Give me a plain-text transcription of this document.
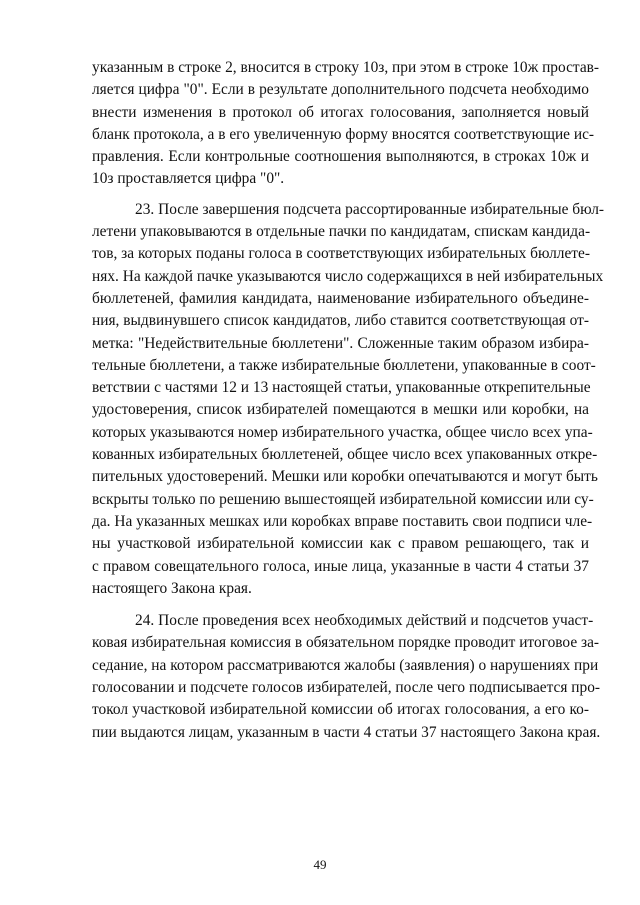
указанным в строке 2, вносится в строку 10з, при этом в строке 10ж простав-
ляется цифра "0". Если в результате дополнительного подсчета необходимо
внести изменения в протокол об итогах голосования, заполняется новый
бланк протокола, а в его увеличенную форму вносятся соответствующие ис-
правления. Если контрольные соотношения выполняются, в строках 10ж и
10з проставляется цифра "0".
23. После завершения подсчета рассортированные избирательные бюл-
летени упаковываются в отдельные пачки по кандидатам, спискам кандида-
тов, за которых поданы голоса в соответствующих избирательных бюллете-
нях. На каждой пачке указываются число содержащихся в ней избирательных
бюллетеней, фамилия кандидата, наименование избирательного объедине-
ния, выдвинувшего список кандидатов, либо ставится соответствующая от-
метка: "Недействительные бюллетени". Сложенные таким образом избира-
тельные бюллетени, а также избирательные бюллетени, упакованные в соот-
ветствии с частями 12 и 13 настоящей статьи, упакованные открепительные
удостоверения, список избирателей помещаются в мешки или коробки, на
которых указываются номер избирательного участка, общее число всех упа-
кованных избирательных бюллетеней, общее число всех упакованных откре-
пительных удостоверений. Мешки или коробки опечатываются и могут быть
вскрыты только по решению вышестоящей избирательной комиссии или су-
да. На указанных мешках или коробках вправе поставить свои подписи чле-
ны участковой избирательной комиссии как с правом решающего, так и
с правом совещательного голоса, иные лица, указанные в части 4 статьи 37
настоящего Закона края.
24. После проведения всех необходимых действий и подсчетов участ-
ковая избирательная комиссия в обязательном порядке проводит итоговое за-
седание, на котором рассматриваются жалобы (заявления) о нарушениях при
голосовании и подсчете голосов избирателей, после чего подписывается про-
токол участковой избирательной комиссии об итогах голосования, а его ко-
пии выдаются лицам, указанным в части 4 статьи 37 настоящего Закона края.
49
